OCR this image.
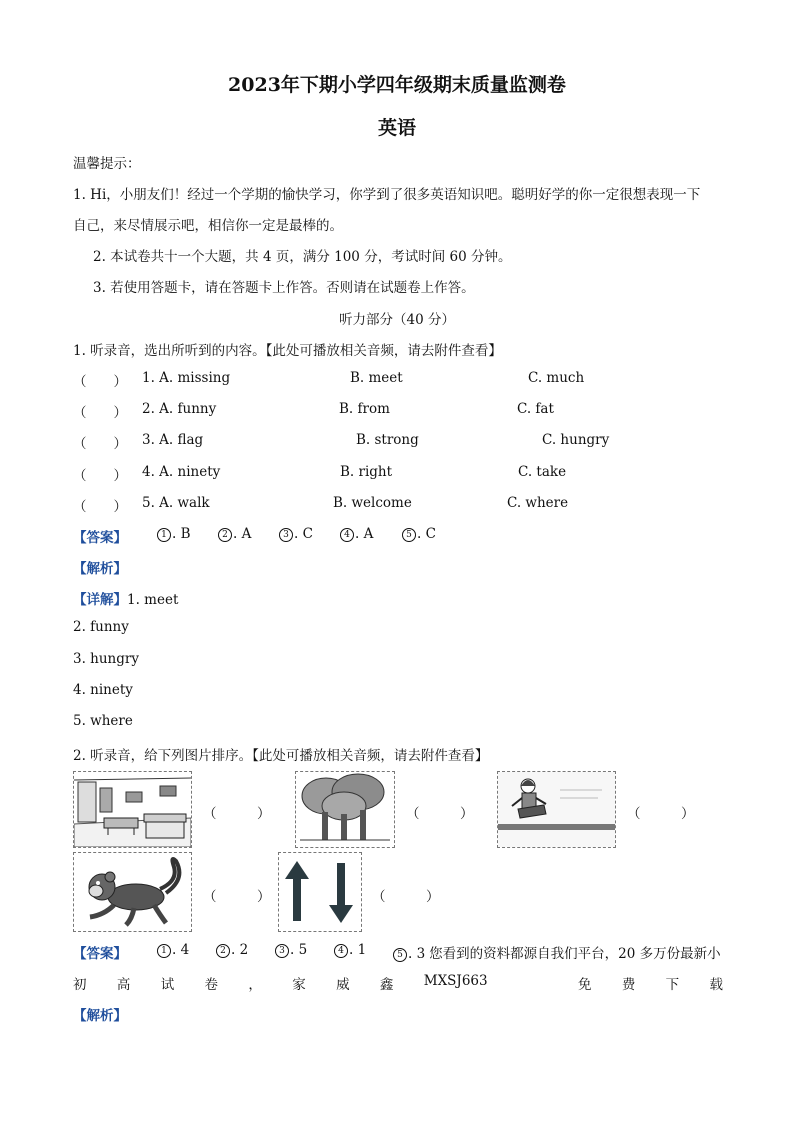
2023年下期小学四年级期末质量监测卷
英语
温馨提示：
1. Hi，小朋友们！经过一个学期的愉快学习，你学到了很多英语知识吧。聪明好学的你一定很想表现一下
自己，来尽情展示吧，相信你一定是最棒的。
2. 本试卷共十一个大题，共 4 页，满分 100 分，考试时间 60 分钟。
3. 若使用答题卡，请在答题卡上作答。否则请在试题卷上作答。
听力部分（40 分）
1. 听录音，选出所听到的内容。【此处可播放相关音频，请去附件查看】
（　　） 1. A. missing	B. meet	C. much
（　　） 2. A. funny	B. from	C. fat
（　　） 3. A. flag	B. strong	C. hungry
（　　） 4. A. ninety	B. right	C. take
（　　） 5. A. walk	B. welcome	C. where
【答案】	1 . B	2 . A	3 . C	4 . A	5 . C
【解析】
【详解】1. meet
2. funny
3. hungry
4. ninety
5. where
2. 听录音，给下列图片排序。【此处可播放相关音频，请去附件查看】
（　　　）	（　　　）	（　　　）
（　　　）	（　　　）
【答案】	1 . 4	2 . 2	3 . 5	4 . 1	5 . 3 您看到的资料都源自我们平台，20 多万份最新小
初 高 试 卷 ， 家 威 鑫 MXSJ663	免 费 下 载
【解析】
